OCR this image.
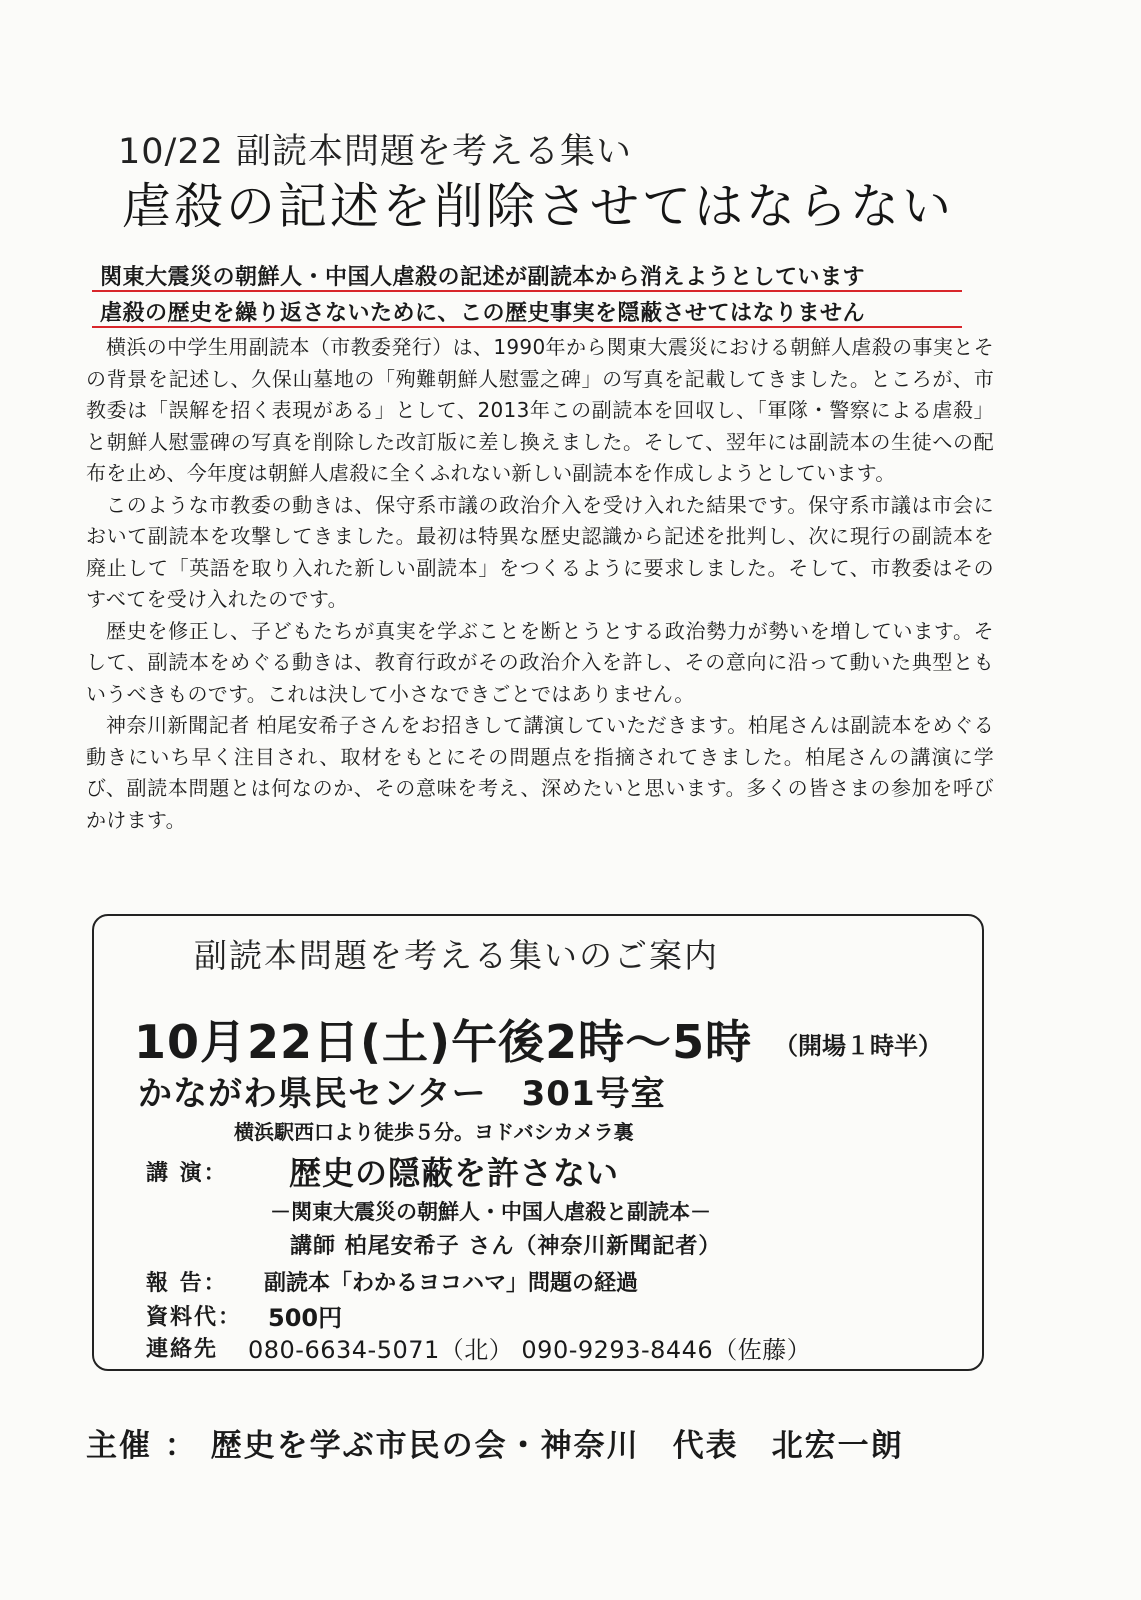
10/22 副読本問題を考える集い
虐殺の記述を削除させてはならない
関東大震災の朝鮮人・中国人虐殺の記述が副読本から消えようとしています
虐殺の歴史を繰り返さないために、この歴史事実を隠蔽させてはなりません

横浜の中学生用副読本（市教委発行）は、1990年から関東大震災における朝鮮人虐殺の事実とその背景を記述し、久保山墓地の「殉難朝鮮人慰霊之碑」の写真を記載してきました。ところが、市教委は「誤解を招く表現がある」として、2013年この副読本を回収し、「軍隊・警察による虐殺」と朝鮮人慰霊碑の写真を削除した改訂版に差し換えました。そして、翌年には副読本の生徒への配布を止め、今年度は朝鮮人虐殺に全くふれない新しい副読本を作成しようとしています。

このような市教委の動きは、保守系市議の政治介入を受け入れた結果です。保守系市議は市会において副読本を攻撃してきました。最初は特異な歴史認識から記述を批判し、次に現行の副読本を廃止して「英語を取り入れた新しい副読本」をつくるように要求しました。そして、市教委はそのすべてを受け入れたのです。

歴史を修正し、子どもたちが真実を学ぶことを断とうとする政治勢力が勢いを増しています。そして、副読本をめぐる動きは、教育行政がその政治介入を許し、その意向に沿って動いた典型ともいうべきものです。これは決して小さなできごとではありません。

神奈川新聞記者 柏尾安希子さんをお招きして講演していただきます。柏尾さんは副読本をめぐる動きにいち早く注目され、取材をもとにその問題点を指摘されてきました。柏尾さんの講演に学び、副読本問題とは何なのか、その意味を考え、深めたいと思います。多くの皆さまの参加を呼びかけます。

副読本問題を考える集いのご案内
10月22日(土)午後2時～5時 （開場１時半）
かながわ県民センター　301号室
横浜駅西口より徒歩５分。ヨドバシカメラ裏
講 演： 歴史の隠蔽を許さない
－関東大震災の朝鮮人・中国人虐殺と副読本－
講師 柏尾安希子 さん（神奈川新聞記者）
報 告： 副読本「わかるヨコハマ」問題の経過
資料代： 500円
連絡先 080-6634-5071（北） 090-9293-8446（佐藤）
主催 ： 歴史を学ぶ市民の会・神奈川　代表　北宏一朗
